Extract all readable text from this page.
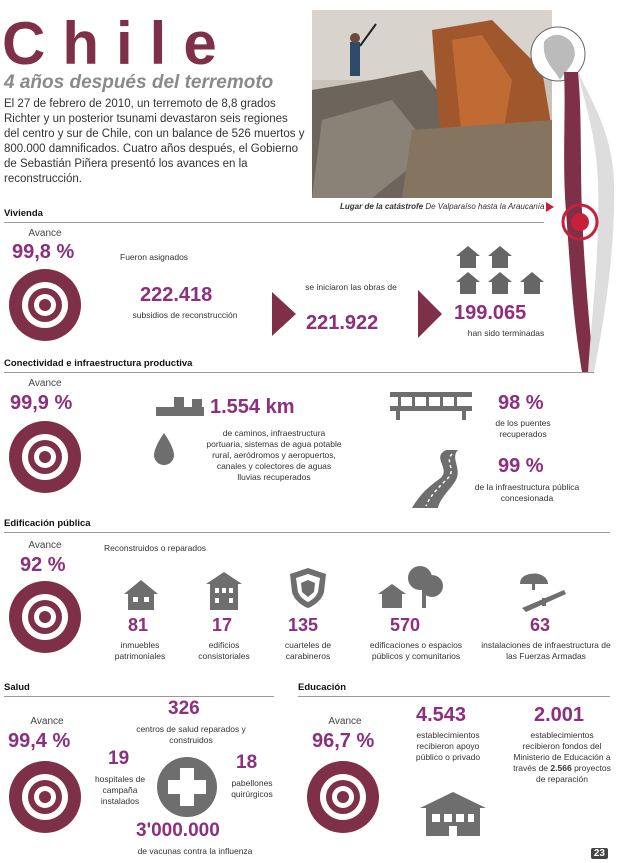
Chile
4 años después del terremoto
El 27 de febrero de 2010, un terremoto de 8,8 grados Richter y un posterior tsunami devastaron seis regiones del centro y sur de Chile, con un balance de 526 muertos y 800.000 damnificados. Cuatro años después, el Gobierno de Sebastián Piñera presentó los avances en la reconstrucción.
Lugar de la catástrofe De Valparaíso hasta la Araucanía
Vivienda
Avance
99,8 %	Fueron asignados
222.418
subsidios de reconstrucción
se iniciaron las obras de
221.922	199.065
han sido terminadas
Conectividad e infraestructura productiva
Avance
99,9 %	1.554 km
de caminos, infraestructura portuaria, sistemas de agua potable rural, aeródromos y aeropuertos, canales y colectores de aguas lluvias recuperados
98 %
de los puentes recuperados
99 %
de la infraestructura pública concesionada
Edificación pública
Avance
92 %
Reconstruidos o reparados
81
inmuebles patrimoniales
17
edificios consistoriales
135
cuarteles de carabineros
570
edificaciones o espacios públicos y comunitarios
63
instalaciones de infraestructura de las Fuerzas Armadas
Salud
Avance
99,4 %
326
centros de salud reparados y construidos
19
hospitales de campaña instalados
18
pabellones quirúrgicos
3'000.000
de vacunas contra la influenza
Educación
Avance
96,7 %
4.543
establecimientos recibieron apoyo público o privado
2.001
establecimientos recibieron fondos del Ministerio de Educación a través de 2.566 proyectos de reparación
23
